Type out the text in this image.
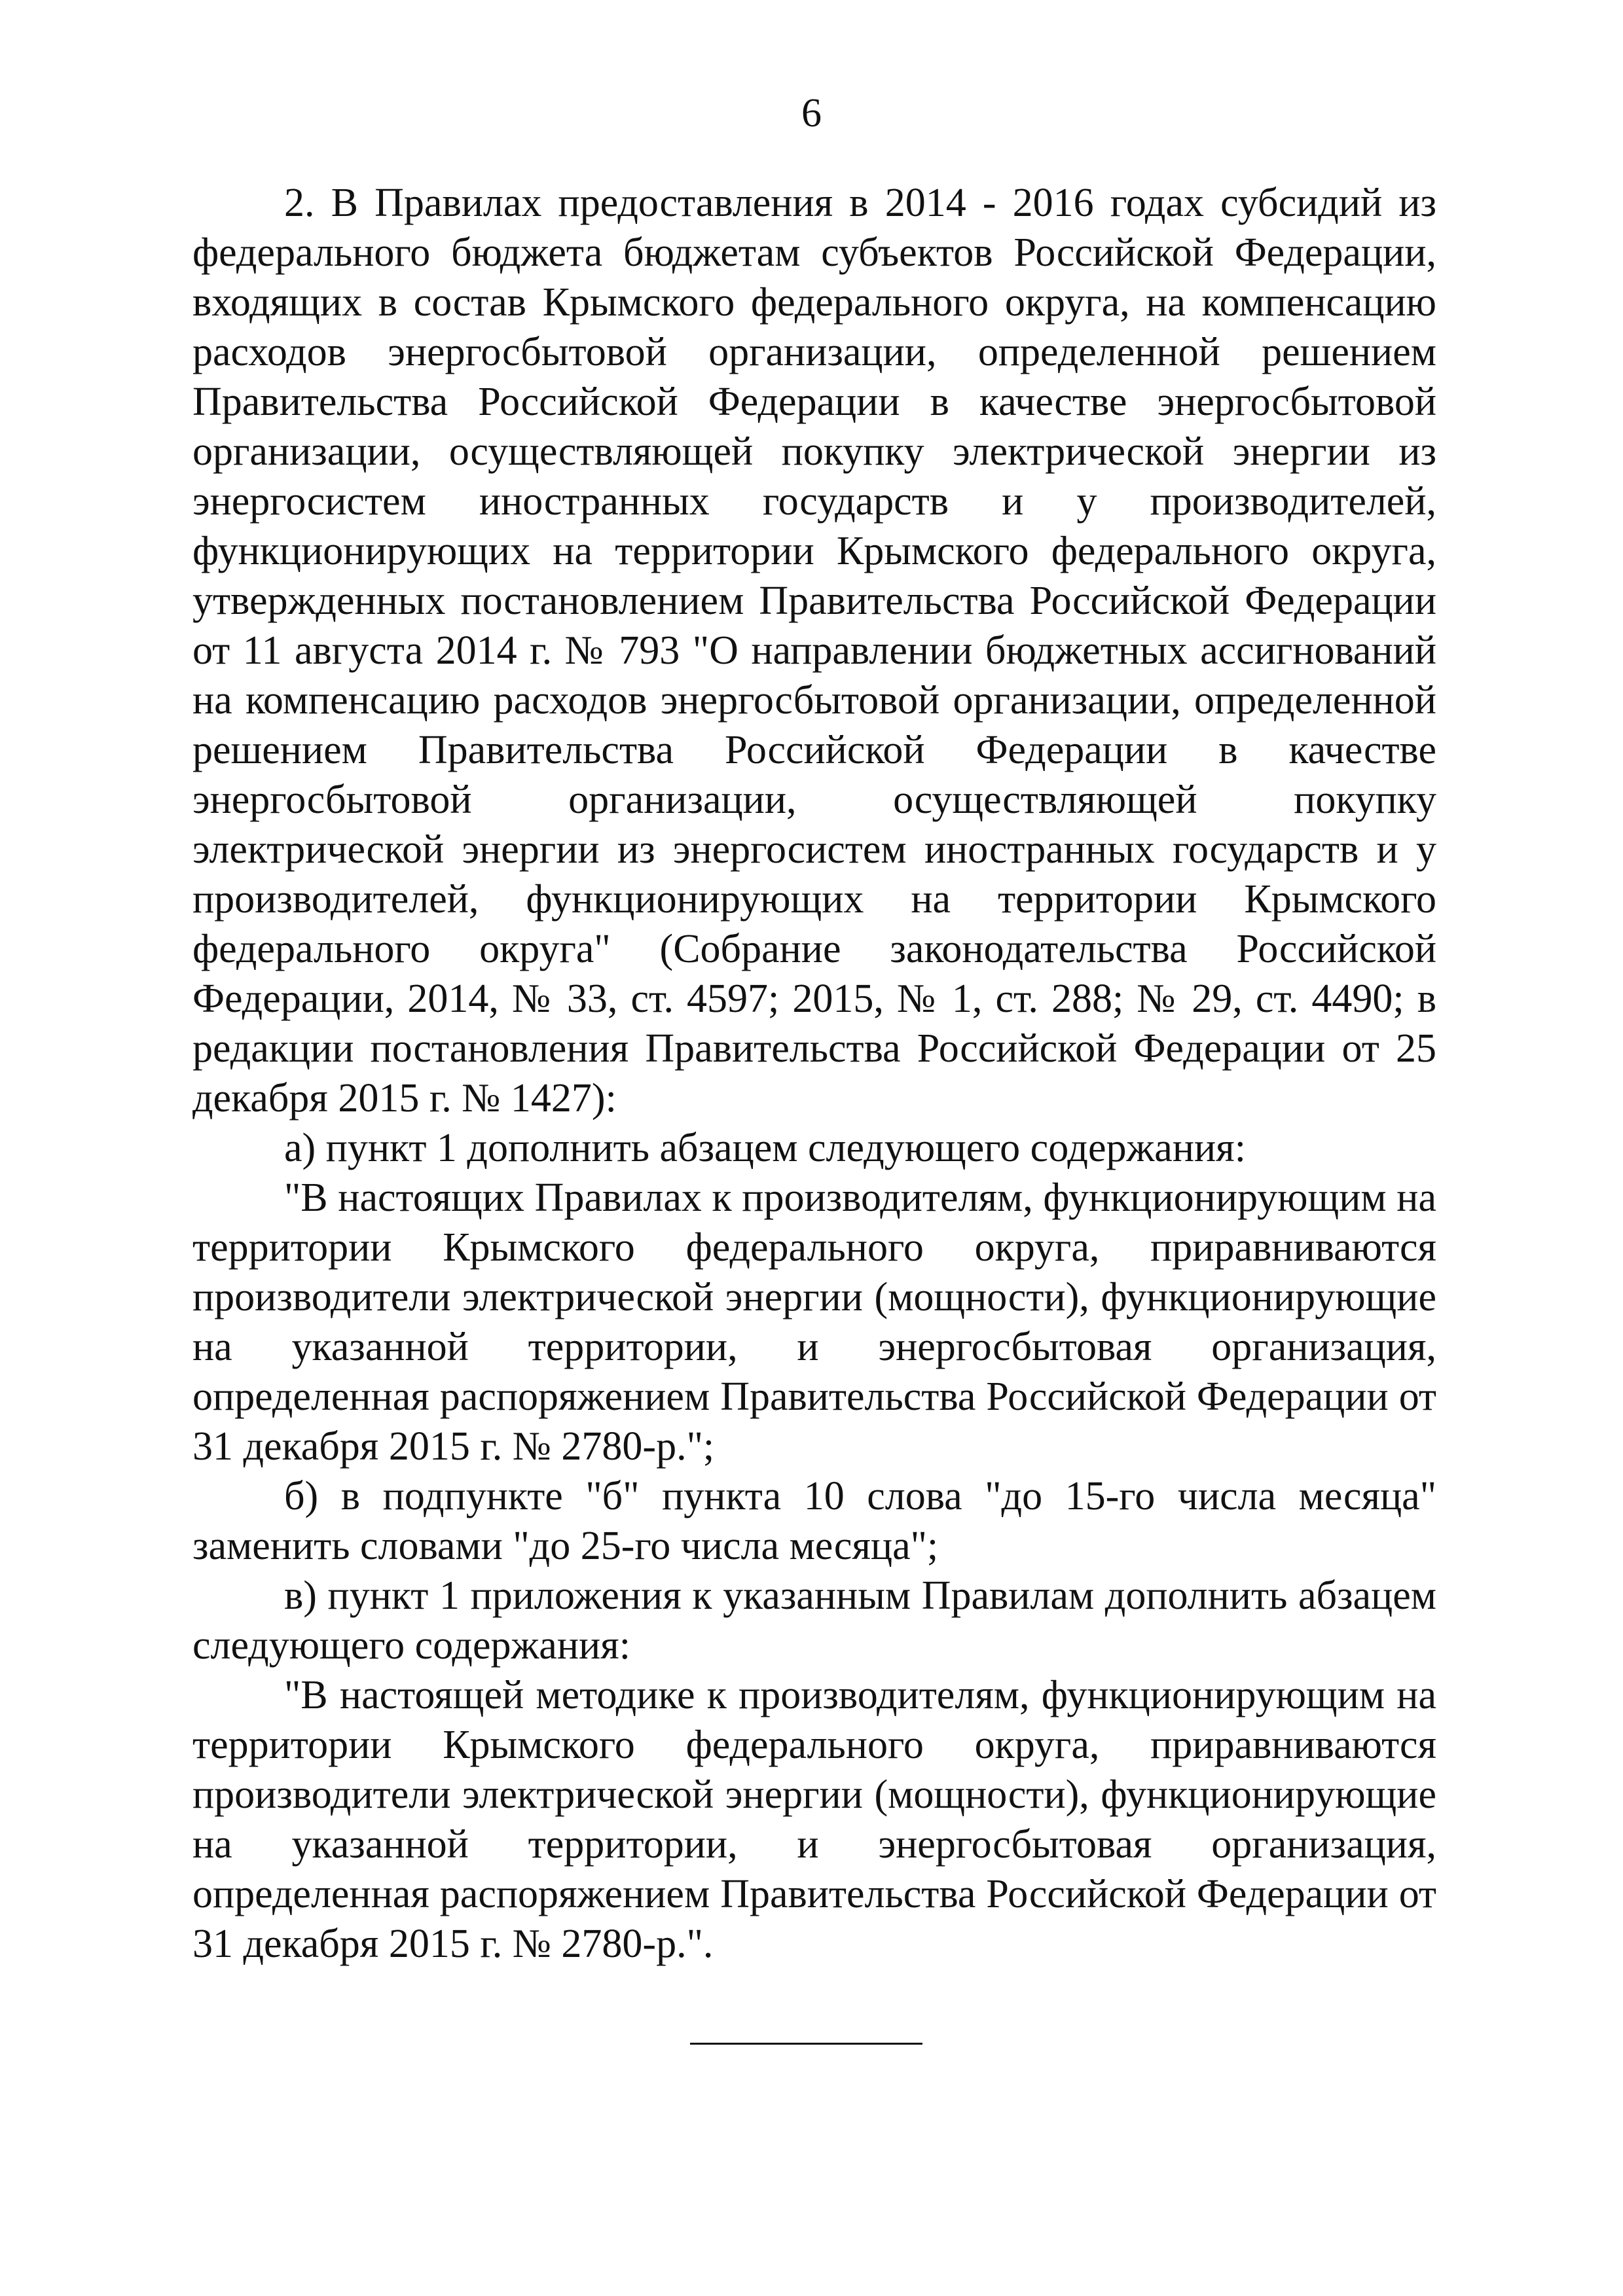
6

2. В Правилах предоставления в 2014 - 2016 годах субсидий из федерального бюджета бюджетам субъектов Российской Федерации, входящих в состав Крымского федерального округа, на компенсацию расходов энергосбытовой организации, определенной решением Правительства Российской Федерации в качестве энергосбытовой организации, осуществляющей покупку электрической энергии из энергосистем иностранных государств и у производителей, функционирующих на территории Крымского федерального округа, утвержденных постановлением Правительства Российской Федерации от 11 августа 2014 г. № 793 "О направлении бюджетных ассигнований на компенсацию расходов энергосбытовой организации, определенной решением Правительства Российской Федерации в качестве энергосбытовой организации, осуществляющей покупку электрической энергии из энергосистем иностранных государств и у производителей, функционирующих на территории Крымского федерального округа" (Собрание законодательства Российской Федерации, 2014, № 33, ст. 4597; 2015, № 1, ст. 288; № 29, ст. 4490; в редакции постановления Правительства Российской Федерации от 25 декабря 2015 г. № 1427):

а) пункт 1 дополнить абзацем следующего содержания:

"В настоящих Правилах к производителям, функционирующим на территории Крымского федерального округа, приравниваются производители электрической энергии (мощности), функционирующие на указанной территории, и энергосбытовая организация, определенная распоряжением Правительства Российской Федерации от 31 декабря 2015 г. № 2780-р.";

б) в подпункте "б" пункта 10 слова "до 15-го числа месяца" заменить словами "до 25-го числа месяца";

в) пункт 1 приложения к указанным Правилам дополнить абзацем следующего содержания:

"В настоящей методике к производителям, функционирующим на территории Крымского федерального округа, приравниваются производители электрической энергии (мощности), функционирующие на указанной территории, и энергосбытовая организация, определенная распоряжением Правительства Российской Федерации от 31 декабря 2015 г. № 2780-р.".
